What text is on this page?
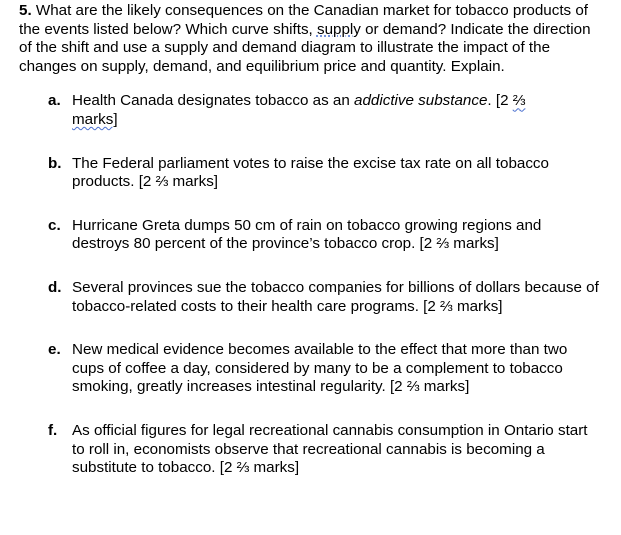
5. What are the likely consequences on the Canadian market for tobacco products of the events listed below? Which curve shifts, supply or demand? Indicate the direction of the shift and use a supply and demand diagram to illustrate the impact of the changes on supply, demand, and equilibrium price and quantity. Explain.

a. Health Canada designates tobacco as an addictive substance. [2 ⅔
marks]
b. The Federal parliament votes to raise the excise tax rate on all tobacco products. [2 ⅔ marks]
c. Hurricane Greta dumps 50 cm of rain on tobacco growing regions and destroys 80 percent of the province’s tobacco crop. [2 ⅔ marks]
d. Several provinces sue the tobacco companies for billions of dollars because of tobacco-related costs to their health care programs. [2 ⅔ marks]
e. New medical evidence becomes available to the effect that more than two cups of coffee a day, considered by many to be a complement to tobacco smoking, greatly increases intestinal regularity. [2 ⅔ marks]
f. As official figures for legal recreational cannabis consumption in Ontario start to roll in, economists observe that recreational cannabis is becoming a substitute to tobacco. [2 ⅔ marks]
